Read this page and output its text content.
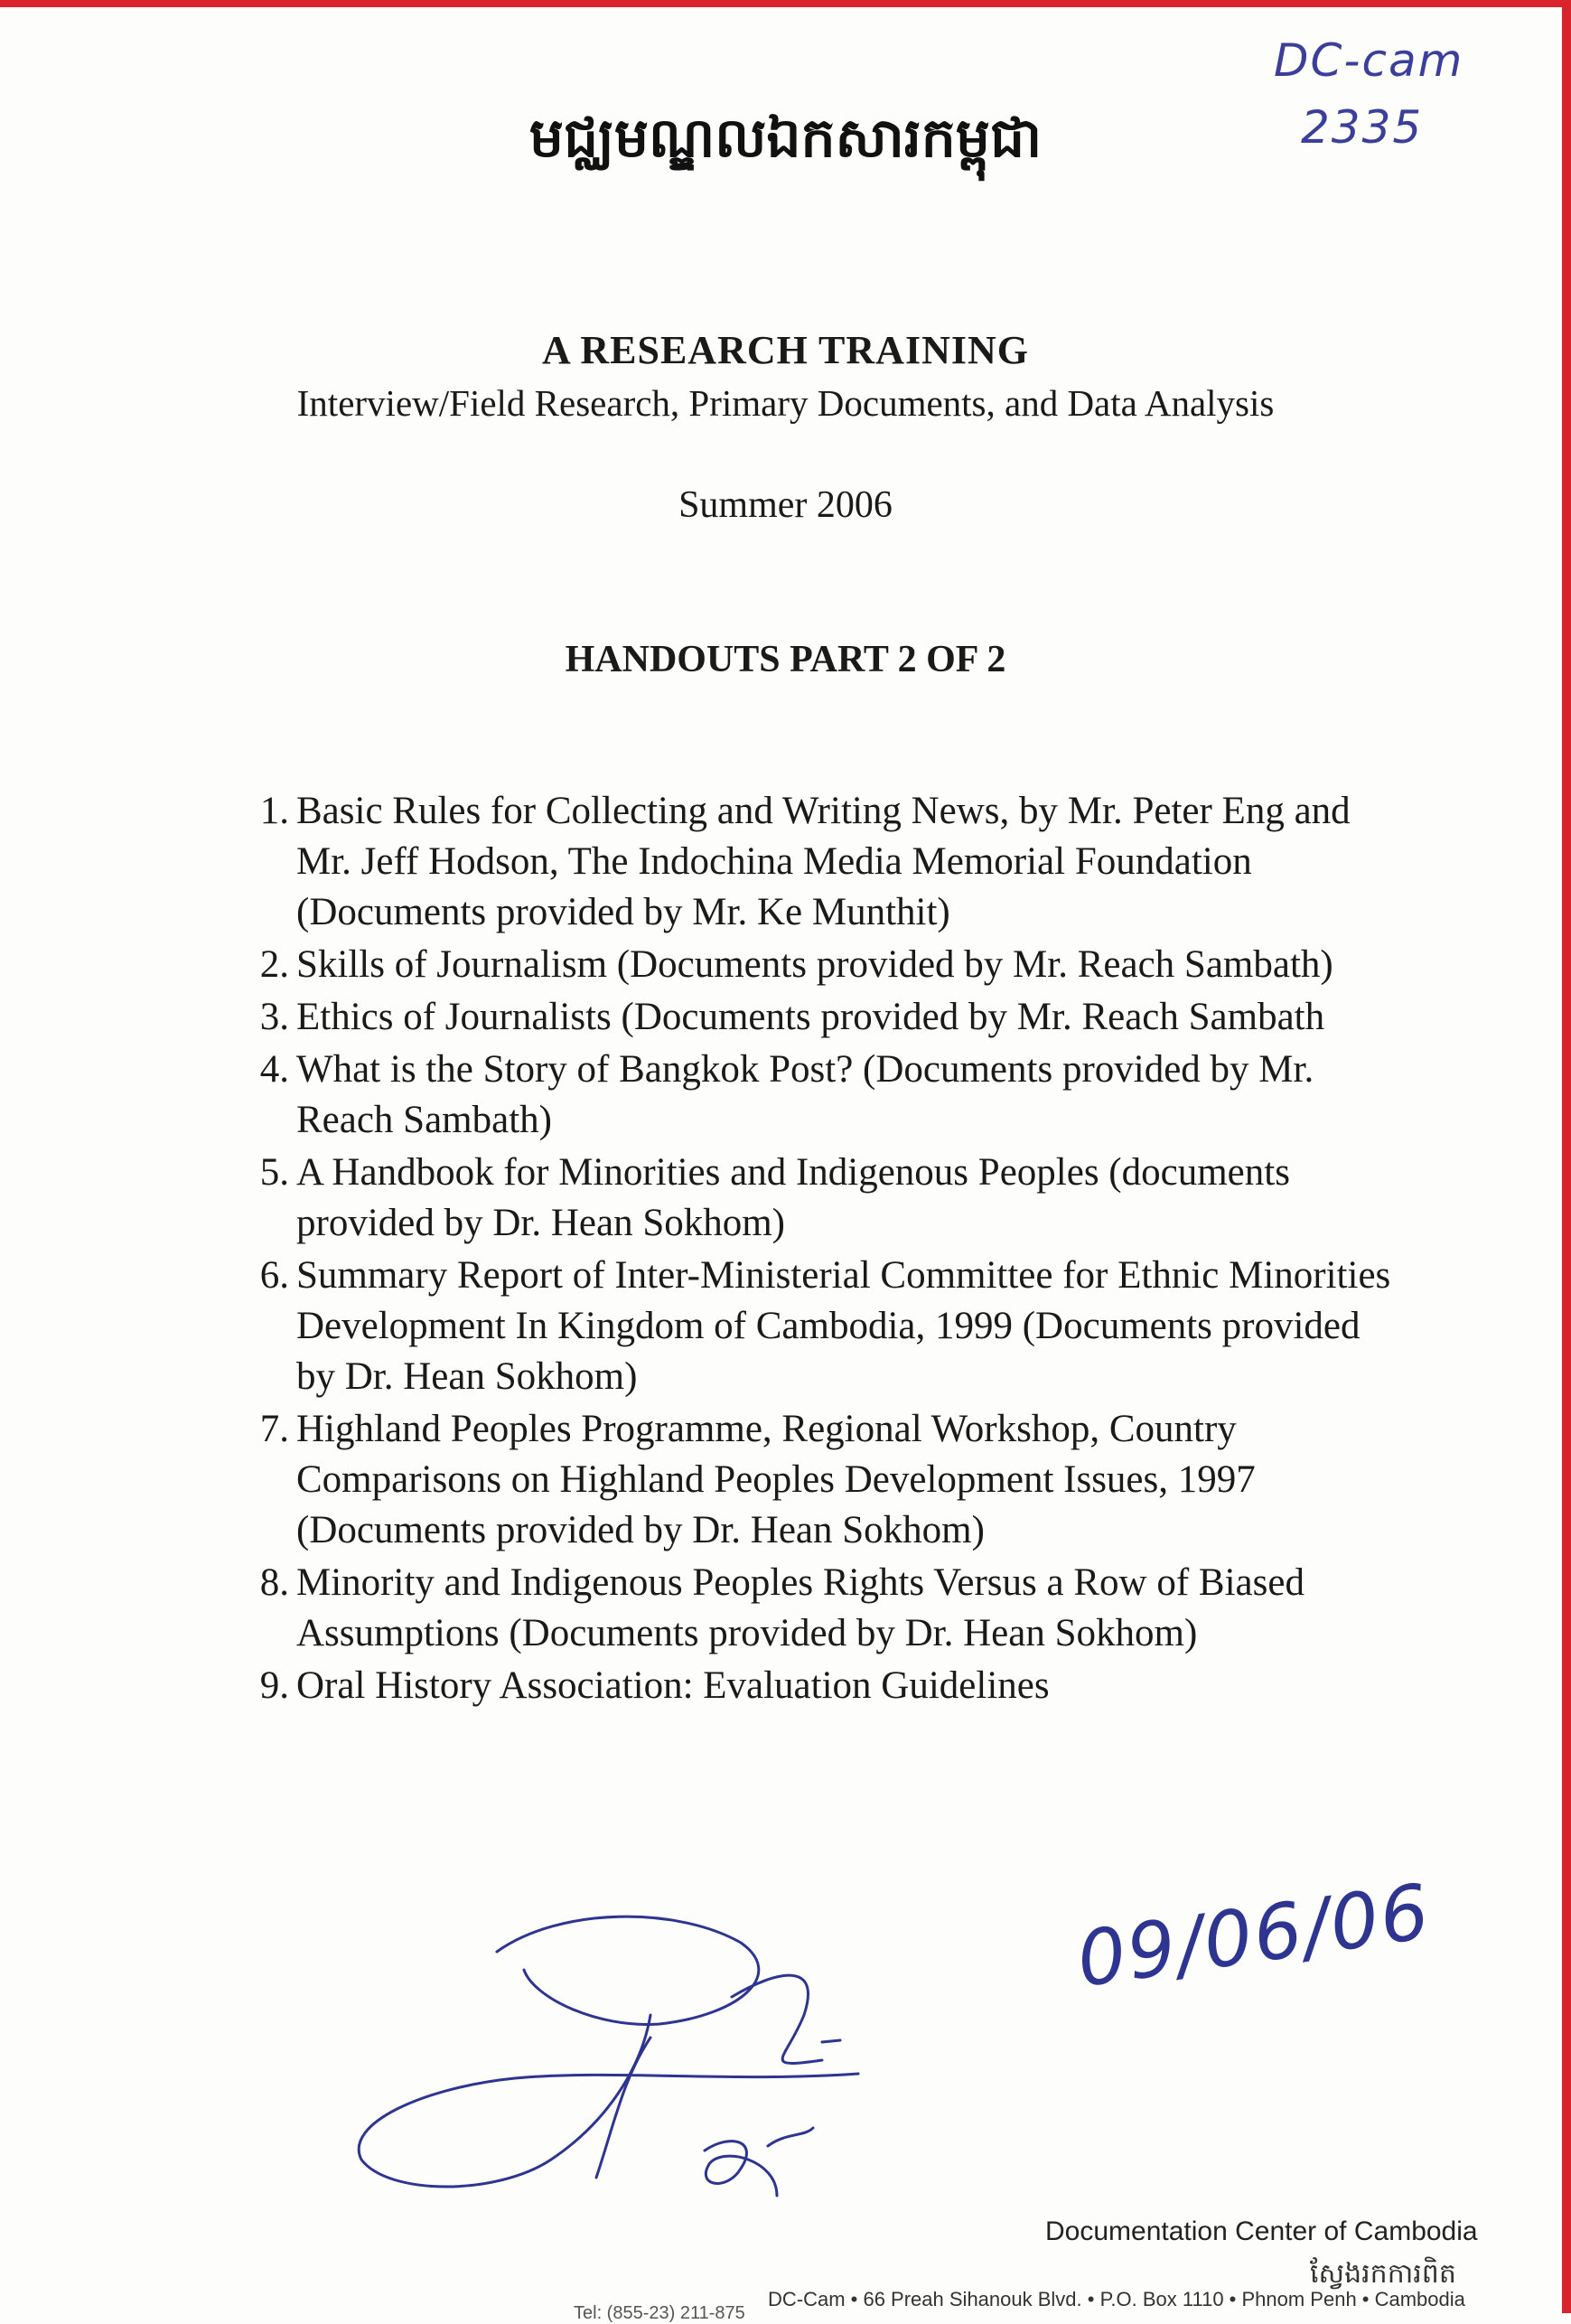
DC-cam
2335
មជ្ឈមណ្ឌលឯកសារកម្ពុជា
A RESEARCH TRAINING
Interview/Field Research, Primary Documents, and Data Analysis
Summer 2006
HANDOUTS PART 2 OF 2
1. Basic Rules for Collecting and Writing News, by Mr. Peter Eng and Mr. Jeff Hodson, The Indochina Media Memorial Foundation (Documents provided by Mr. Ke Munthit)
2. Skills of Journalism (Documents provided by Mr. Reach Sambath)
3. Ethics of Journalists (Documents provided by Mr. Reach Sambath
4. What is the Story of Bangkok Post? (Documents provided by Mr. Reach Sambath)
5. A Handbook for Minorities and Indigenous Peoples (documents provided by Dr. Hean Sokhom)
6. Summary Report of Inter-Ministerial Committee for Ethnic Minorities Development In Kingdom of Cambodia, 1999 (Documents provided by Dr. Hean Sokhom)
7. Highland Peoples Programme, Regional Workshop, Country Comparisons on Highland Peoples Development Issues, 1997 (Documents provided by Dr. Hean Sokhom)
8. Minority and Indigenous Peoples Rights Versus a Row of Biased Assumptions (Documents provided by Dr. Hean Sokhom)
9. Oral History Association: Evaluation Guidelines
09/06/06
Documentation Center of Cambodia
ស្វែងរកការពិត
DC-Cam • 66 Preah Sihanouk Blvd. • P.O. Box 1110 • Phnom Penh • Cambodia
Tel: (855-23) 211-875
